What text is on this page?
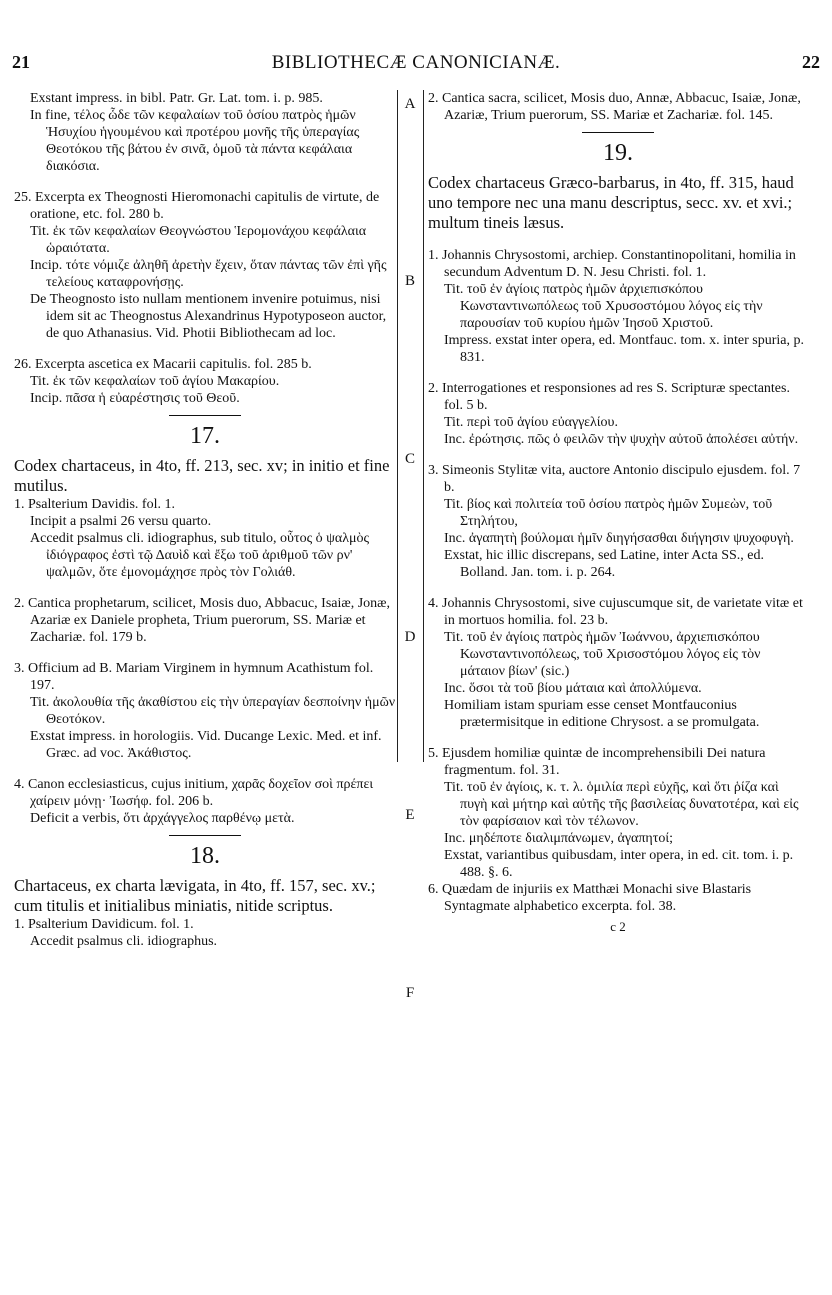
21	BIBLIOTHECÆ CANONICIANÆ.	22
A
B
C
D
E
F

Exstant impress. in bibl. Patr. Gr. Lat. tom. i. p. 985.

In fine, τέλος ὧδε τῶν κεφαλαίων τοῦ ὁσίου πατρὸς ἡμῶν Ἡσυχίου ἡγουμένου καὶ προτέρου μονῆς τῆς ὑπεραγίας Θεοτόκου τῆς βάτου ἐν σινᾶ, ὁμοῦ τὰ πάντα κεφάλαια διακόσια.

25. Excerpta ex Theognosti Hieromonachi capitulis de virtute, de oratione, etc. fol. 280 b.

Tit. ἐκ τῶν κεφαλαίων Θεογνώστου Ἱερομονάχου κεφάλαια ὡραιότατα.

Incip. τότε νόμιζε ἀληθῆ ἀρετὴν ἔχειν, ὅταν πάντας τῶν ἐπὶ γῆς τελείους καταφρονήσῃς.

De Theognosto isto nullam mentionem invenire potuimus, nisi idem sit ac Theognostus Alexandrinus Hypotyposeon auctor, de quo Athanasius. Vid. Photii Bibliothecam ad loc.

26. Excerpta ascetica ex Macarii capitulis. fol. 285 b.

Tit. ἐκ τῶν κεφαλαίων τοῦ ἁγίου Μακαρίου.

Incip. πᾶσα ἡ εὐαρέστησις τοῦ Θεοῦ.

17.

Codex chartaceus, in 4to, ff. 213, sec. xv; in initio et fine mutilus.

1. Psalterium Davidis. fol. 1.

Incipit a psalmi 26 versu quarto.

Accedit psalmus cli. idiographus, sub titulo, οὗτος ὁ ψαλμὸς ἰδιόγραφος ἐστὶ τῷ Δαυὶδ καὶ ἔξω τοῦ ἀριθμοῦ τῶν ρν' ψαλμῶν, ὅτε ἐμονομάχησε πρὸς τὸν Γολιάθ.

2. Cantica prophetarum, scilicet, Mosis duo, Abbacuc, Isaiæ, Jonæ, Azariæ ex Daniele propheta, Trium puerorum, SS. Mariæ et Zachariæ. fol. 179 b.

3. Officium ad B. Mariam Virginem in hymnum Acathistum fol. 197.

Tit. ἀκολουθία τῆς ἀκαθίστου εἰς τὴν ὑπεραγίαν δεσποίνην ἡμῶν Θεοτόκον.

Exstat impress. in horologiis. Vid. Ducange Lexic. Med. et inf. Græc. ad voc. Ἀκάθιστος.

4. Canon ecclesiasticus, cujus initium, χαρᾶς δοχεῖον σοὶ πρέπει χαίρειν μόνῃ· Ἰωσήφ. fol. 206 b.

Deficit a verbis, ὅτι ἀρχάγγελος παρθένῳ μετὰ.

18.

Chartaceus, ex charta lævigata, in 4to, ff. 157, sec. xv.; cum titulis et initialibus miniatis, nitide scriptus.

1. Psalterium Davidicum. fol. 1.

Accedit psalmus cli. idiographus.

2. Cantica sacra, scilicet, Mosis duo, Annæ, Abbacuc, Isaiæ, Jonæ, Azariæ, Trium puerorum, SS. Mariæ et Zachariæ. fol. 145.

19.

Codex chartaceus Græco-barbarus, in 4to, ff. 315, haud uno tempore nec una manu descriptus, secc. xv. et xvi.; multum tineis læsus.

1. Johannis Chrysostomi, archiep. Constantinopolitani, homilia in secundum Adventum D. N. Jesu Christi. fol. 1.

Tit. τοῦ ἐν ἁγίοις πατρὸς ἡμῶν ἀρχιεπισκόπου Κωνσταντινωπόλεως τοῦ Χρυσοστόμου λόγος εἰς τὴν παρουσίαν τοῦ κυρίου ἡμῶν Ἰησοῦ Χριστοῦ.

Impress. exstat inter opera, ed. Montfauc. tom. x. inter spuria, p. 831.

2. Interrogationes et responsiones ad res S. Scripturæ spectantes. fol. 5 b.

Tit. περὶ τοῦ ἁγίου εὐαγγελίου.

Inc. ἐρώτησις. πῶς ὁ φειλῶν τὴν ψυχὴν αὐτοῦ ἀπολέσει αὐτήν.

3. Simeonis Stylitæ vita, auctore Antonio discipulo ejusdem. fol. 7 b.

Tit. βίος καὶ πολιτεία τοῦ ὁσίου πατρὸς ἡμῶν Συμεὼν, τοῦ Στηλήτου,

Inc. ἀγαπητὴ βούλομαι ἡμῖν διηγήσασθαι διήγησιν ψυχοφυγὴ.

Exstat, hic illic discrepans, sed Latine, inter Acta SS., ed. Bolland. Jan. tom. i. p. 264.

4. Johannis Chrysostomi, sive cujuscumque sit, de varietate vitæ et in mortuos homilia. fol. 23 b.

Tit. τοῦ ἐν ἁγίοις πατρὸς ἡμῶν Ἰωάννου, ἀρχιεπισκόπου Κωνσταντινοπόλεως, τοῦ Χρισοστόμου λόγος εἰς τὸν μάταιον βίων' (sic.)

Inc. ὅσοι τὰ τοῦ βίου μάταια καὶ ἀπολλύμενα.

Homiliam istam spuriam esse censet Montfauconius prætermisitque in editione Chrysost. a se promulgata.

5. Ejusdem homiliæ quintæ de incomprehensibili Dei natura fragmentum. fol. 31.

Tit. τοῦ ἐν ἁγίοις, κ. τ. λ. ὁμιλία περὶ εὐχῆς, καὶ ὅτι ῥίζα καὶ πυγὴ καὶ μήτηρ καὶ αὐτῆς τῆς βασιλείας δυνατοτέρα, καὶ εἰς τὸν φαρίσαιον καὶ τὸν τέλωνον.

Inc. μηδέποτε διαλιμπάνωμεν, ἀγαπητοί;

Exstat, variantibus quibusdam, inter opera, in ed. cit. tom. i. p. 488. §. 6.

6. Quædam de injuriis ex Matthæi Monachi sive Blastaris Syntagmate alphabetico excerpta. fol. 38.

c 2
